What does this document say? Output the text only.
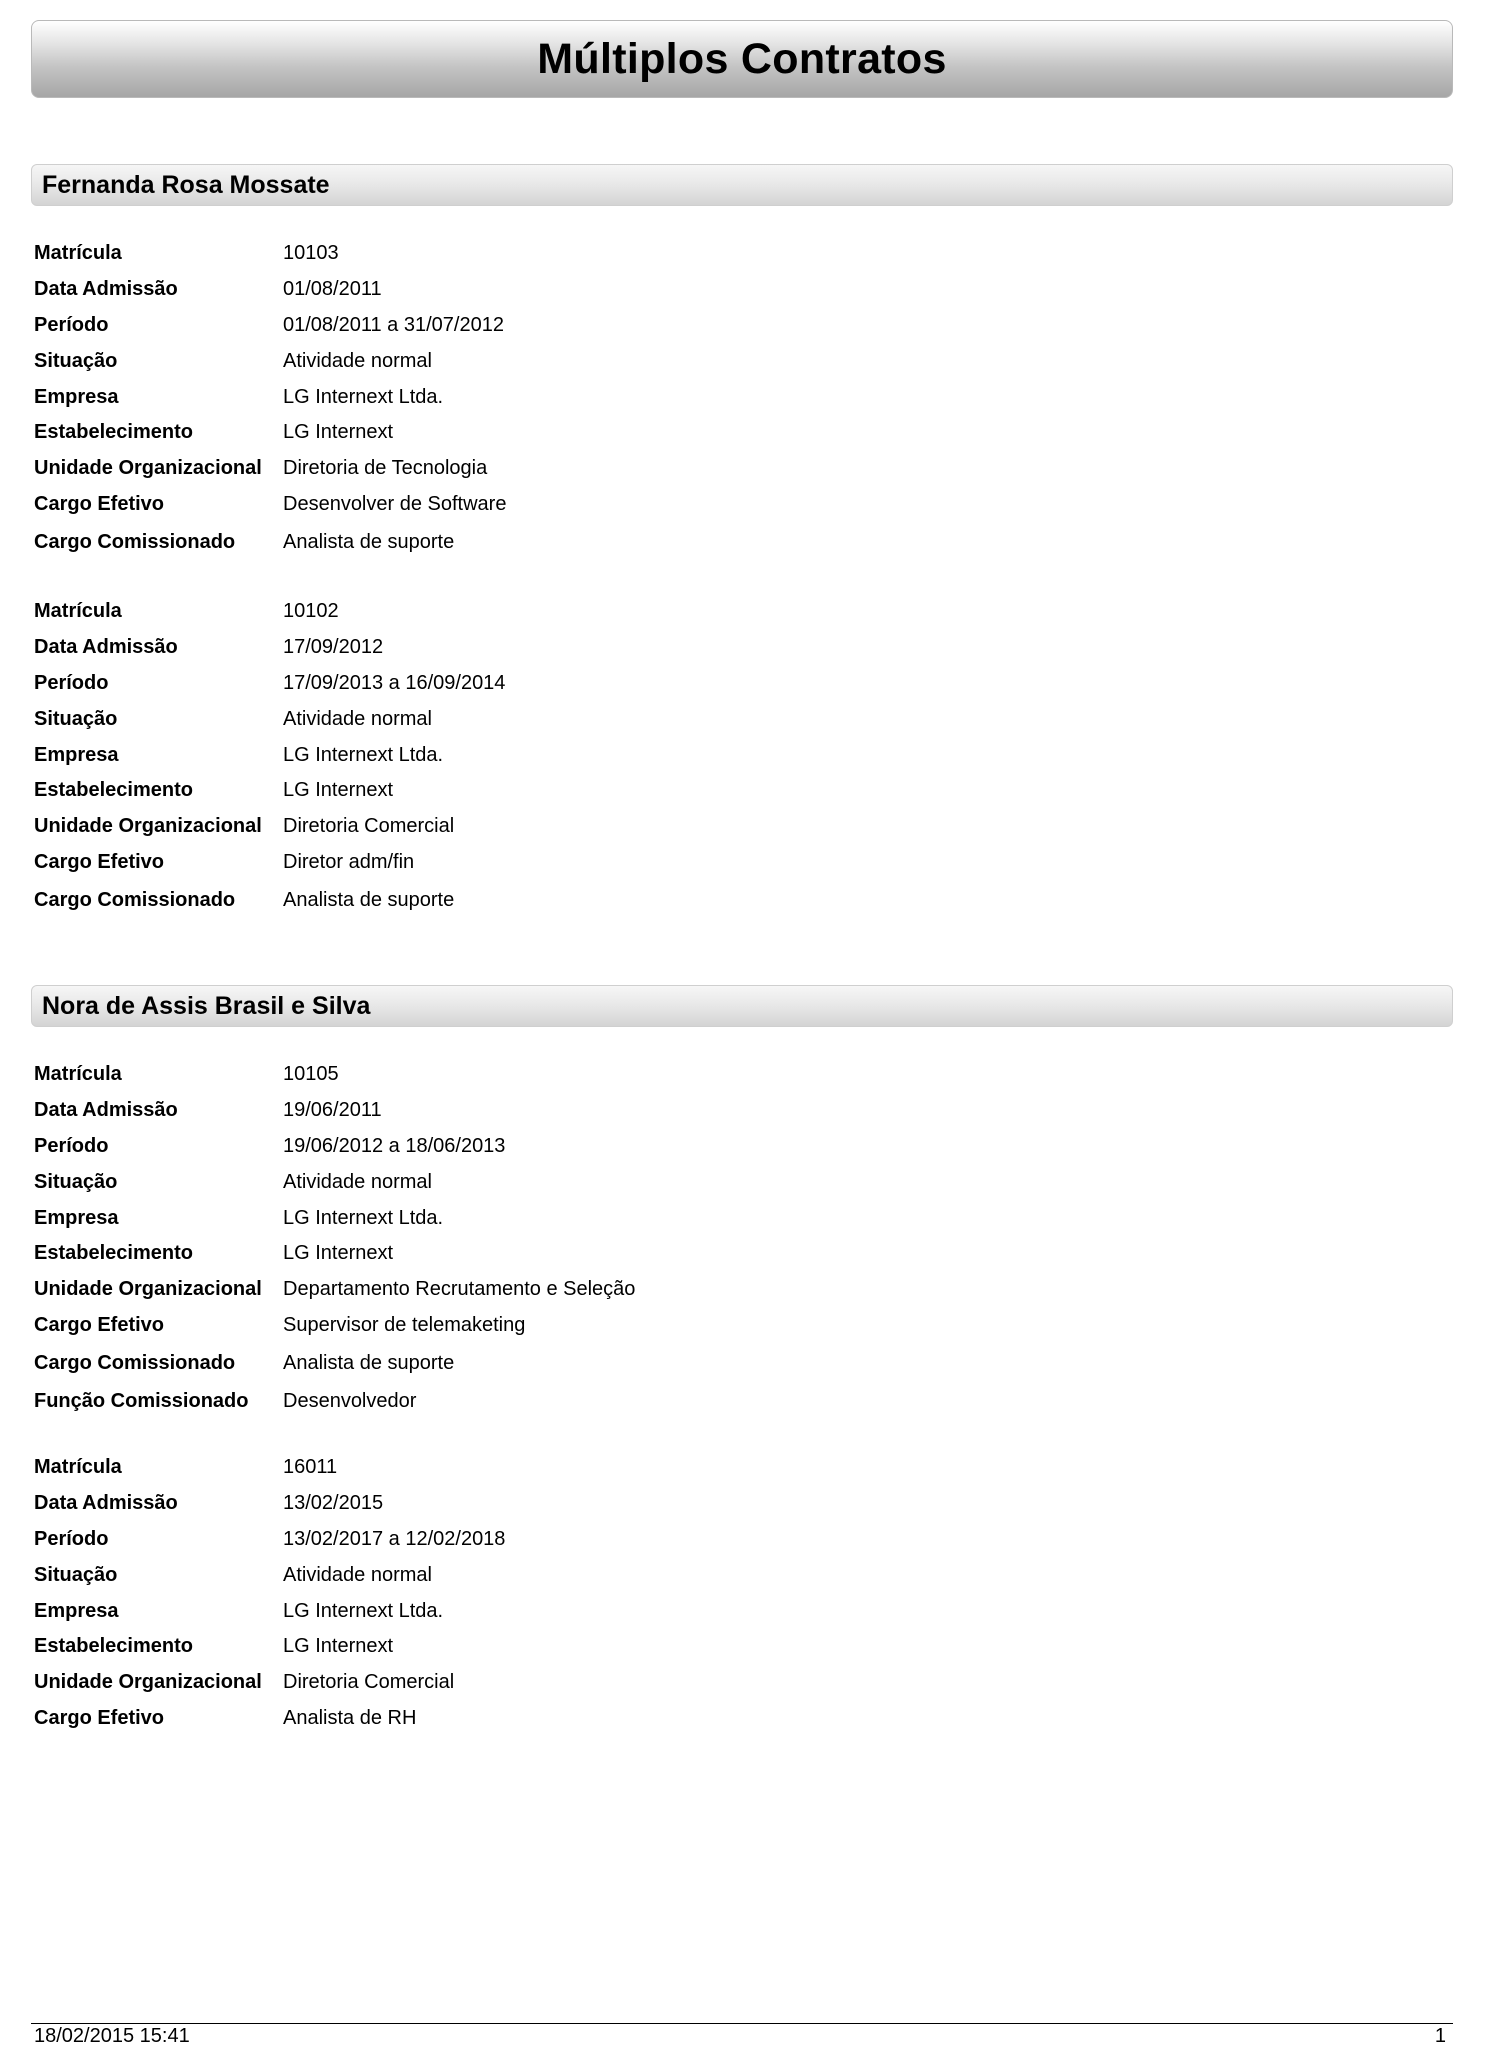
Múltiplos Contratos
Fernanda Rosa Mossate
Matrícula	10103
Data Admissão	01/08/2011
Período	01/08/2011 a 31/07/2012
Situação	Atividade normal
Empresa	LG Internext Ltda.
Estabelecimento	LG Internext
Unidade Organizacional	Diretoria de Tecnologia
Cargo Efetivo	Desenvolver de Software
Cargo Comissionado	Analista de suporte
Matrícula	10102
Data Admissão	17/09/2012
Período	17/09/2013 a 16/09/2014
Situação	Atividade normal
Empresa	LG Internext Ltda.
Estabelecimento	LG Internext
Unidade Organizacional	Diretoria Comercial
Cargo Efetivo	Diretor adm/fin
Cargo Comissionado	Analista de suporte
Nora de Assis Brasil e Silva
Matrícula	10105
Data Admissão	19/06/2011
Período	19/06/2012 a 18/06/2013
Situação	Atividade normal
Empresa	LG Internext Ltda.
Estabelecimento	LG Internext
Unidade Organizacional	Departamento Recrutamento e Seleção
Cargo Efetivo	Supervisor de telemaketing
Cargo Comissionado	Analista de suporte
Função Comissionado	Desenvolvedor
Matrícula	16011
Data Admissão	13/02/2015
Período	13/02/2017 a 12/02/2018
Situação	Atividade normal
Empresa	LG Internext Ltda.
Estabelecimento	LG Internext
Unidade Organizacional	Diretoria Comercial
Cargo Efetivo	Analista de RH
18/02/2015 15:41	1
